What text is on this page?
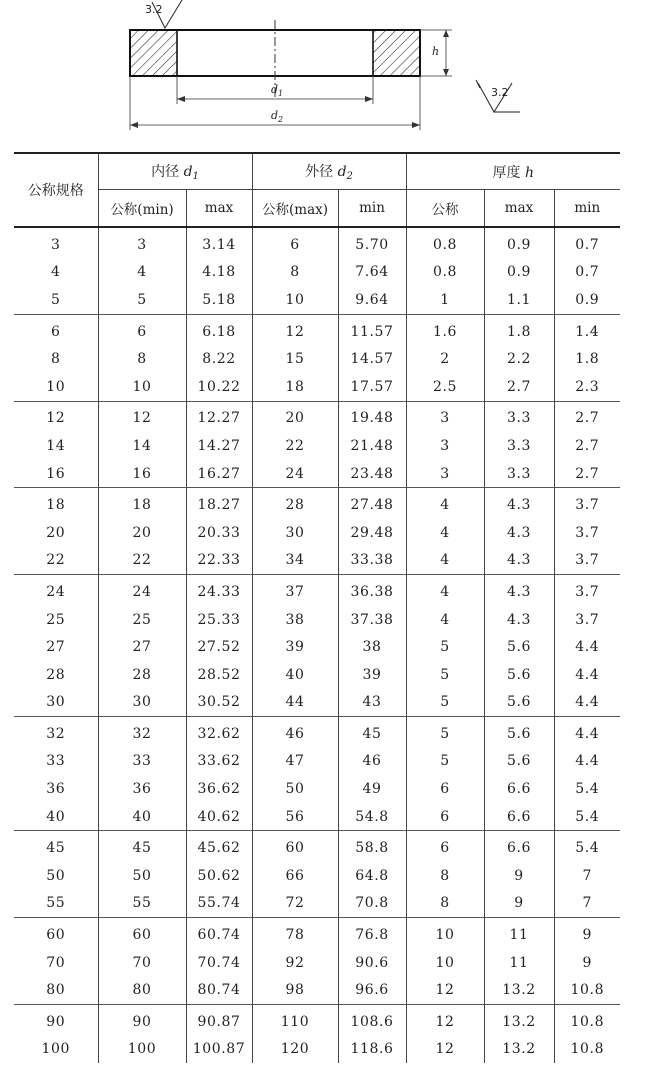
h
$d_1$
$d_2$
3.2
3.2
公称规格	内径 $d_1$		外径 $d_2$		厚度 h		
	公称(min)	max	公称(max)	min	公称	max	min
3	3	3.14	6	5.70	0.8	0.9	0.7
4	4	4.18	8	7.64	0.8	0.9	0.7
5	5	5.18	10	9.64	1	1.1	0.9
6	6	6.18	12	11.57	1.6	1.8	1.4
8	8	8.22	15	14.57	2	2.2	1.8
10	10	10.22	18	17.57	2.5	2.7	2.3
12	12	12.27	20	19.48	3	3.3	2.7
14	14	14.27	22	21.48	3	3.3	2.7
16	16	16.27	24	23.48	3	3.3	2.7
18	18	18.27	28	27.48	4	4.3	3.7
20	20	20.33	30	29.48	4	4.3	3.7
22	22	22.33	34	33.38	4	4.3	3.7
24	24	24.33	37	36.38	4	4.3	3.7
25	25	25.33	38	37.38	4	4.3	3.7
27	27	27.52	39	38	5	5.6	4.4
28	28	28.52	40	39	5	5.6	4.4
30	30	30.52	44	43	5	5.6	4.4
32	32	32.62	46	45	5	5.6	4.4
33	33	33.62	47	46	5	5.6	4.4
36	36	36.62	50	49	6	6.6	5.4
40	40	40.62	56	54.8	6	6.6	5.4
45	45	45.62	60	58.8	6	6.6	5.4
50	50	50.62	66	64.8	8	9	7
55	55	55.74	72	70.8	8	9	7
60	60	60.74	78	76.8	10	11	9
70	70	70.74	92	90.6	10	11	9
80	80	80.74	98	96.6	12	13.2	10.8
90	90	90.87	110	108.6	12	13.2	10.8
100	100	100.87	120	118.6	12	13.2	10.8
